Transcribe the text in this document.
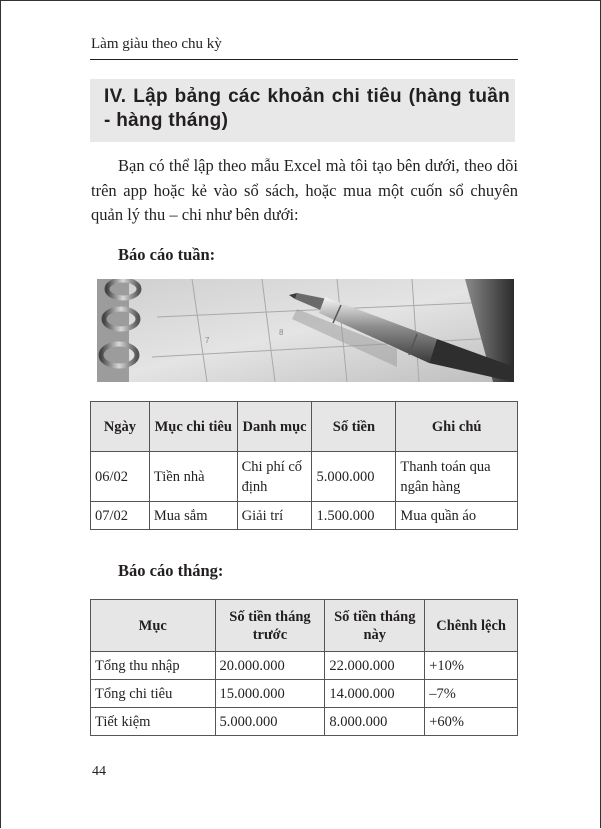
Làm giàu theo chu kỳ
IV. Lập bảng các khoản chi tiêu (hàng tuần - hàng tháng)
Bạn có thể lập theo mẫu Excel mà tôi tạo bên dưới, theo dõi trên app hoặc kẻ vào sổ sách, hoặc mua một cuốn sổ chuyên quản lý thu – chi như bên dưới:
Báo cáo tuần:
7
8
Ngày	Mục chi tiêu	Danh mục	Số tiền	Ghi chú
06/02	Tiền nhà	Chi phí cố định	5.000.000	Thanh toán qua ngân hàng
07/02	Mua sắm	Giải trí	1.500.000	Mua quần áo
Báo cáo tháng:
Mục	Số tiền tháng trước	Số tiền tháng này	Chênh lệch
Tổng thu nhập	20.000.000	22.000.000	+10%
Tổng chi tiêu	15.000.000	14.000.000	–7%
Tiết kiệm	5.000.000	8.000.000	+60%
44
